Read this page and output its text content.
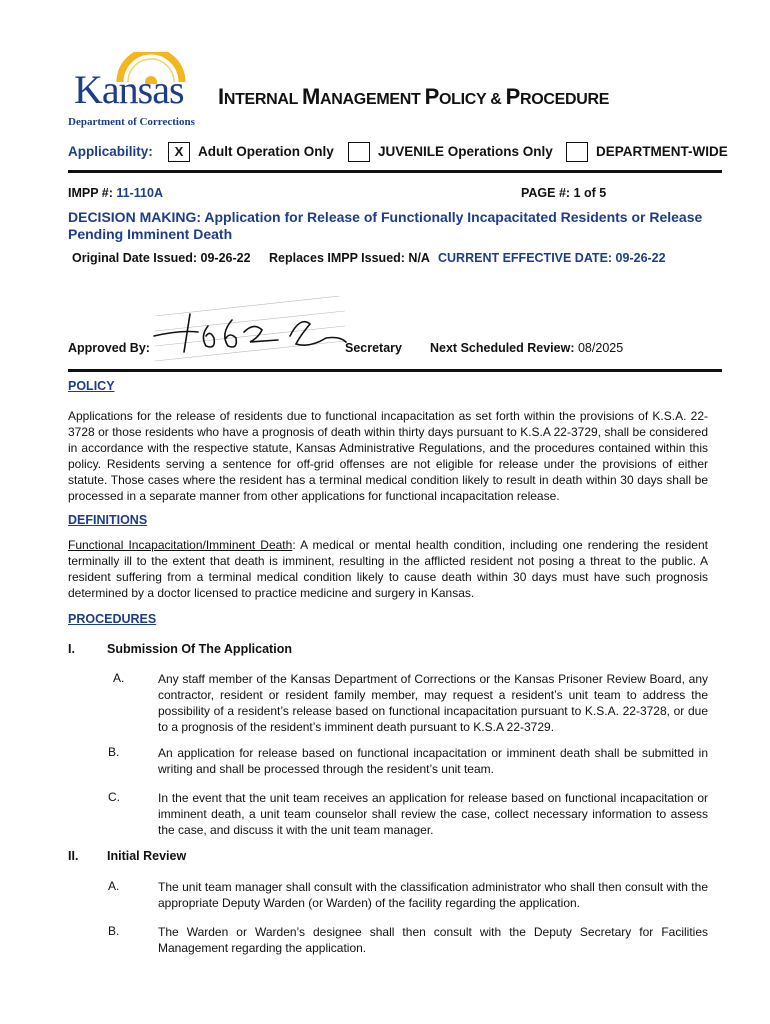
Kansas
Department of Corrections
INTERNAL MANAGEMENT POLICY & PROCEDURE
Applicability:	X	Adult Operation Only	JUVENILE Operations Only	DEPARTMENT-WIDE
IMPP #: 11-110A	PAGE #: 1 of 5
DECISION MAKING: Application for Release of Functionally Incapacitated Residents or Release Pending Imminent Death
Original Date Issued: 09-26-22 Replaces IMPP Issued: N/A CURRENT EFFECTIVE DATE: 09-26-22
Approved By:	Secretary Next Scheduled Review: 08/2025
POLICY
Applications for the release of residents due to functional incapacitation as set forth within the provisions of K.S.A. 22-3728 or those residents who have a prognosis of death within thirty days pursuant to K.S.A 22-3729, shall be considered in accordance with the respective statute, Kansas Administrative Regulations, and the procedures contained within this policy. Residents serving a sentence for off-grid offenses are not eligible for release under the provisions of either statute. Those cases where the resident has a terminal medical condition likely to result in death within 30 days shall be processed in a separate manner from other applications for functional incapacitation release.
DEFINITIONS
Functional Incapacitation/Imminent Death: A medical or mental health condition, including one rendering the resident terminally ill to the extent that death is imminent, resulting in the afflicted resident not posing a threat to the public. A resident suffering from a terminal medical condition likely to cause death within 30 days must have such prognosis determined by a doctor licensed to practice medicine and surgery in Kansas.
PROCEDURES
I.	Submission Of The Application
A.	Any staff member of the Kansas Department of Corrections or the Kansas Prisoner Review Board, any contractor, resident or resident family member, may request a resident’s unit team to address the possibility of a resident’s release based on functional incapacitation pursuant to K.S.A. 22-3728, or due to a prognosis of the resident’s imminent death pursuant to K.S.A 22-3729.
B.	An application for release based on functional incapacitation or imminent death shall be submitted in writing and shall be processed through the resident’s unit team.
C.	In the event that the unit team receives an application for release based on functional incapacitation or imminent death, a unit team counselor shall review the case, collect necessary information to assess the case, and discuss it with the unit team manager.
II. Initial Review
A.	The unit team manager shall consult with the classification administrator who shall then consult with the appropriate Deputy Warden (or Warden) of the facility regarding the application.
B.	The Warden or Warden’s designee shall then consult with the Deputy Secretary for Facilities Management regarding the application.
